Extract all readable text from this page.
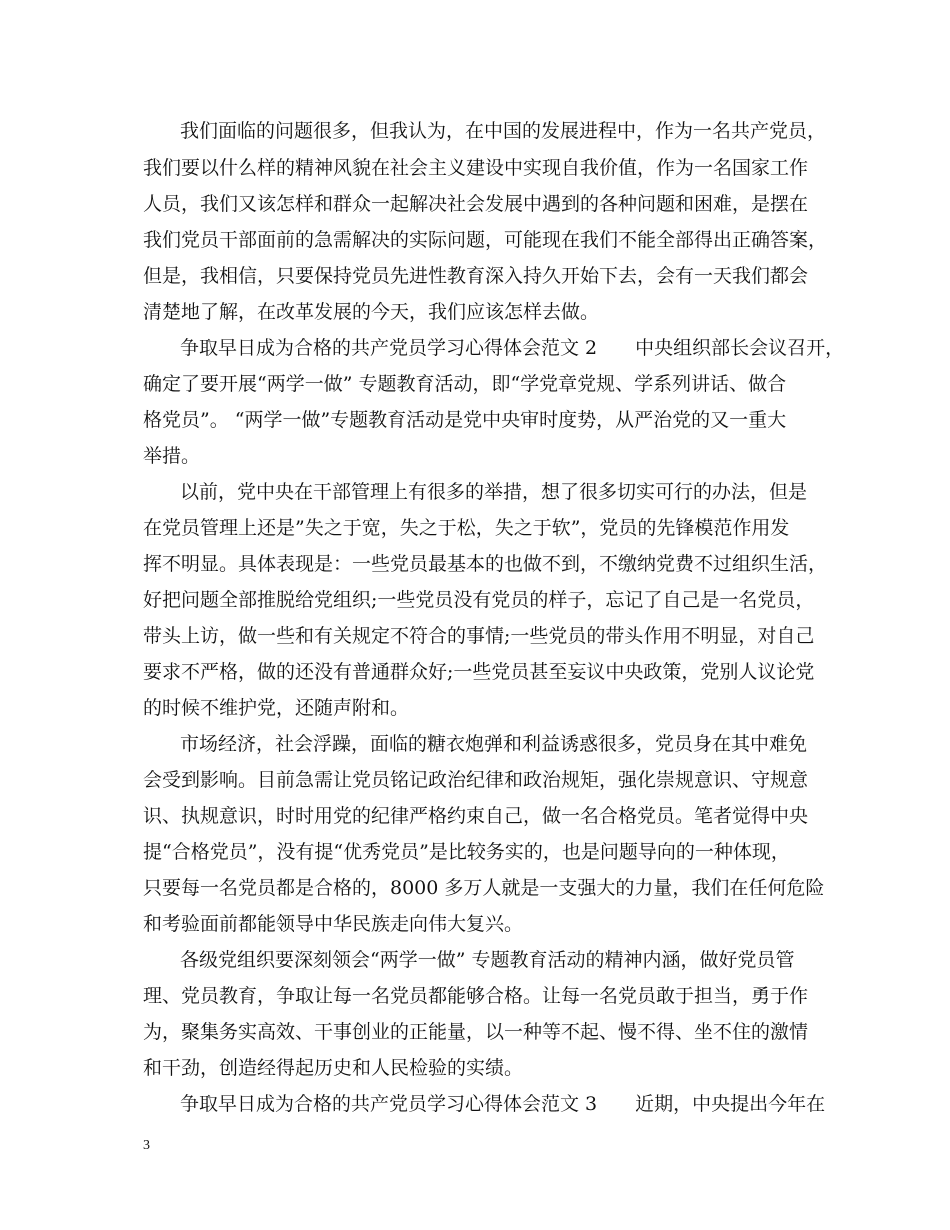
我们面临的问题很多，但我认为，在中国的发展进程中，作为一名共产党员，
我们要以什么样的精神风貌在社会主义建设中实现自我价值，作为一名国家工作
人员，我们又该怎样和群众一起解决社会发展中遇到的各种问题和困难，是摆在
我们党员干部面前的急需解决的实际问题，可能现在我们不能全部得出正确答案，
但是，我相信，只要保持党员先进性教育深入持久开始下去，会有一天我们都会
清楚地了解，在改革发展的今天，我们应该怎样去做。
争取早日成为合格的共产党员学习心得体会范文 2　　中央组织部长会议召开，
确定了要开展“两学一做” 专题教育活动，即“学党章党规、学系列讲话、做合
格党员”。 “两学一做”专题教育活动是党中央审时度势，从严治党的又一重大
举措。
以前，党中央在干部管理上有很多的举措，想了很多切实可行的办法，但是
在党员管理上还是”失之于宽，失之于松，失之于软”，党员的先锋模范作用发
挥不明显。具体表现是：一些党员最基本的也做不到，不缴纳党费不过组织生活，
好把问题全部推脱给党组织;一些党员没有党员的样子，忘记了自己是一名党员，
带头上访，做一些和有关规定不符合的事情;一些党员的带头作用不明显，对自己
要求不严格，做的还没有普通群众好;一些党员甚至妄议中央政策，党别人议论党
的时候不维护党，还随声附和。
市场经济，社会浮躁，面临的糖衣炮弹和利益诱惑很多，党员身在其中难免
会受到影响。目前急需让党员铭记政治纪律和政治规矩，强化崇规意识、守规意
识、执规意识，时时用党的纪律严格约束自己，做一名合格党员。笔者觉得中央
提“合格党员”，没有提“优秀党员”是比较务实的，也是问题导向的一种体现，
只要每一名党员都是合格的，8000 多万人就是一支强大的力量，我们在任何危险
和考验面前都能领导中华民族走向伟大复兴。
各级党组织要深刻领会“两学一做” 专题教育活动的精神内涵，做好党员管
理、党员教育，争取让每一名党员都能够合格。让每一名党员敢于担当，勇于作
为，聚集务实高效、干事创业的正能量，以一种等不起、慢不得、坐不住的激情
和干劲，创造经得起历史和人民检验的实绩。
争取早日成为合格的共产党员学习心得体会范文 3　　近期，中央提出今年在
3
